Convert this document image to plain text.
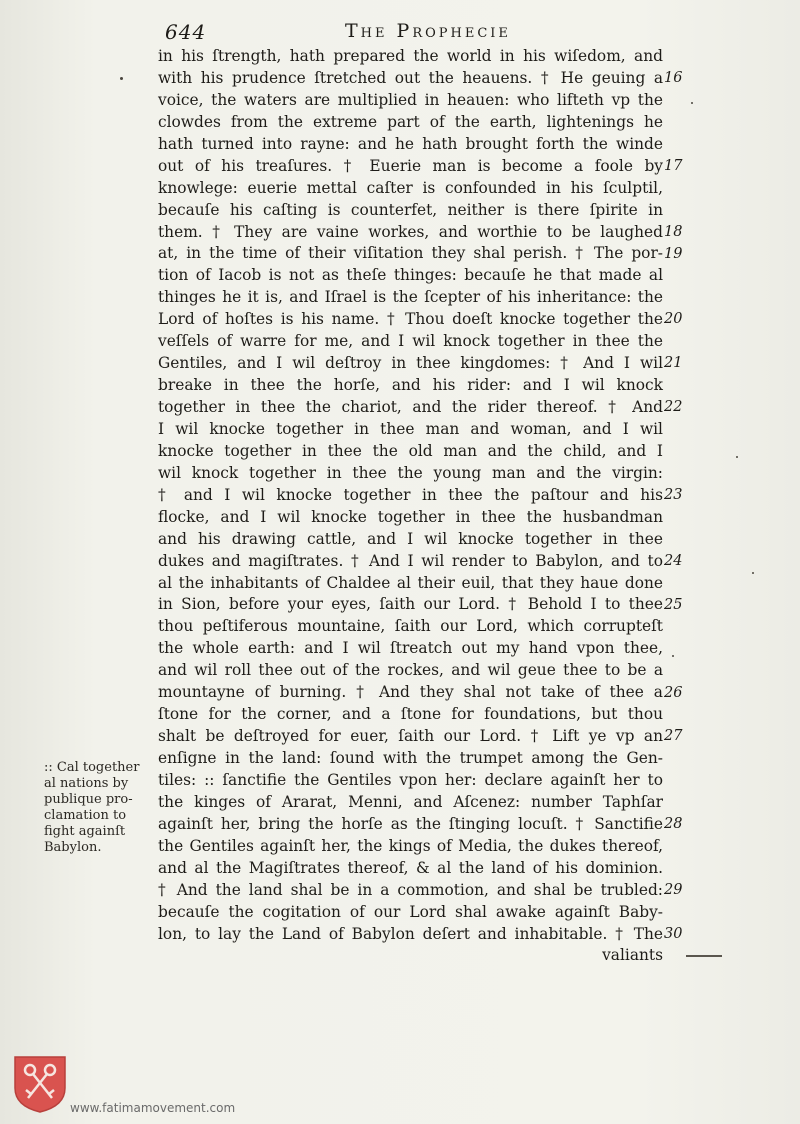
644	The Prophecie
in his ſtrength, hath prepared the world in his wiſedom, and
with his prudence ſtretched out the heauens. † He geuing a
voice, the waters are multiplied in heauen: who lifteth vp the
clowdes from the extreme part of the earth, lightenings he
hath turned into rayne: and he hath brought forth the winde
out of his treaſures. † Euerie man is become a foole by
knowlege: euerie mettal caſter is confounded in his ſculptil,
becauſe his caſting is counterfet, neither is there ſpirite in
them. † They are vaine workes, and worthie to be laughed
at, in the time of their viſitation they shal perish. † The por-
tion of Iacob is not as theſe thinges: becauſe he that made al
thinges he it is, and Iſrael is the ſcepter of his inheritance: the
Lord of hoſtes is his name. † Thou doeſt knocke together the
veſſels of warre for me, and I wil knock together in thee the
Gentiles, and I wil deſtroy in thee kingdomes: † And I wil
breake in thee the horſe, and his rider: and I wil knock
together in thee the chariot, and the rider thereof. † And
I wil knocke together in thee man and woman, and I wil
knocke together in thee the old man and the child, and I
wil knock together in thee the young man and the virgin:
† and I wil knocke together in thee the paſtour and his
flocke, and I wil knocke together in thee the husbandman
and his drawing cattle, and I wil knocke together in thee
dukes and magiſtrates. † And I wil render to Babylon, and to
al the inhabitants of Chaldee al their euil, that they haue done
in Sion, before your eyes, ſaith our Lord. † Behold I to thee
thou peſtiferous mountaine, ſaith our Lord, which corrupteſt
the whole earth: and I wil ſtreatch out my hand vpon thee,
and wil roll thee out of the rockes, and wil geue thee to be a
mountayne of burning. † And they shal not take of thee a
ſtone for the corner, and a ſtone for foundations, but thou
shalt be deſtroyed for euer, ſaith our Lord. † Lift ye vp an
enſigne in the land: ſound with the trumpet among the Gen-
tiles: :: ſanctifie the Gentiles vpon her: declare againſt her to
the kinges of Ararat, Menni, and Aſcenez: number Taphſar
againſt her, bring the horſe as the ſtinging locuſt. † Sanctifie
the Gentiles againſt her, the kings of Media, the dukes thereof,
and al the Magiſtrates thereof, & al the land of his dominion.
† And the land shal be in a commotion, and shal be trubled:
becauſe the cogitation of our Lord shal awake againſt Baby-
lon, to lay the Land of Babylon deſert and inhabitable. † The
valiants
16
17
18
19
20
21
22
23
24
25
26
27
28
29
30
:: Cal together
al nations by
publique pro-
clamation to
fight againſt
Babylon.
www.fatimamovement.com
